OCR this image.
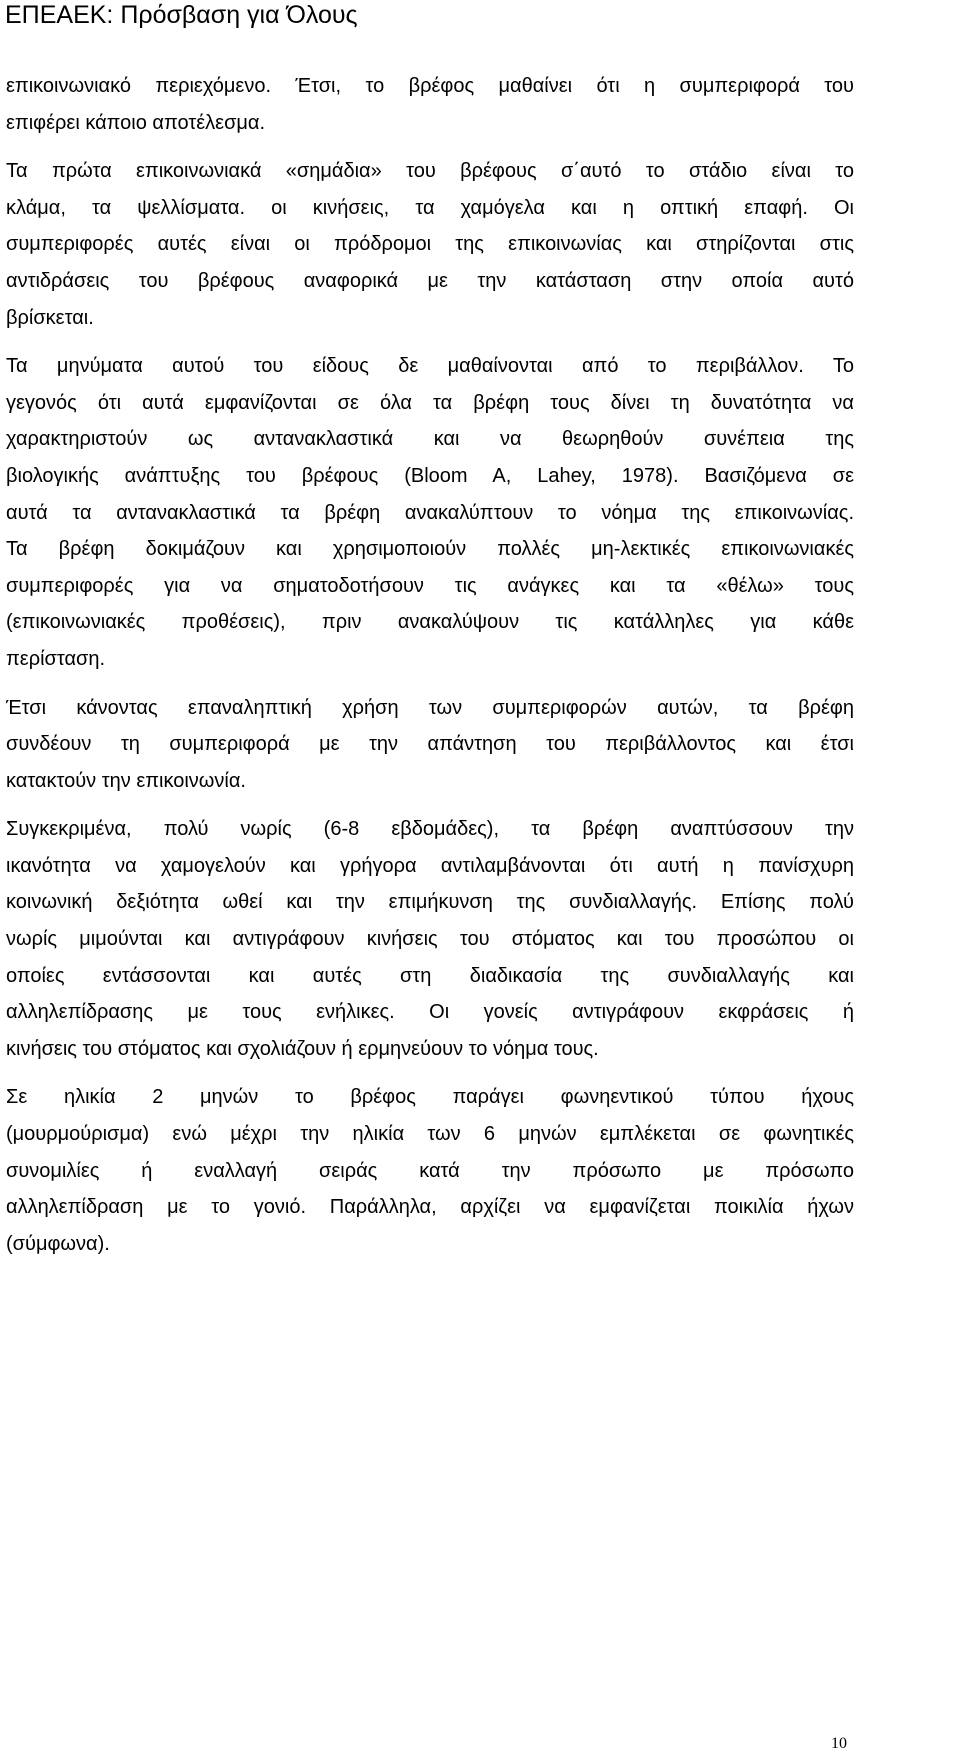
ΕΠΕΑΕΚ: Πρόσβαση για Όλους
επικοινωνιακό περιεχόμενο. Έτσι, το βρέφος μαθαίνει ότι η συμπεριφορά του
επιφέρει κάποιο αποτέλεσμα.
Τα πρώτα επικοινωνιακά «σημάδια» του βρέφους σ΄αυτό το στάδιο είναι το
κλάμα, τα ψελλίσματα. οι κινήσεις, τα χαμόγελα και η οπτική επαφή. Οι
συμπεριφορές αυτές είναι οι πρόδρομοι της επικοινωνίας και στηρίζονται στις
αντιδράσεις του βρέφους αναφορικά με την κατάσταση στην οποία αυτό
βρίσκεται.
Τα μηνύματα αυτού του είδους δε μαθαίνονται από το περιβάλλον. Το
γεγονός ότι αυτά εμφανίζονται σε όλα τα βρέφη τους δίνει τη δυνατότητα να
χαρακτηριστούν ως αντανακλαστικά και να θεωρηθούν συνέπεια της
βιολογικής ανάπτυξης του βρέφους (Bloom A, Lahey, 1978). Βασιζόμενα σε
αυτά τα αντανακλαστικά τα βρέφη ανακαλύπτουν το νόημα της επικοινωνίας.
Τα βρέφη δοκιμάζουν και χρησιμοποιούν πολλές μη-λεκτικές επικοινωνιακές
συμπεριφορές για να σηματοδοτήσουν τις ανάγκες και τα «θέλω» τους
(επικοινωνιακές προθέσεις), πριν ανακαλύψουν τις κατάλληλες για κάθε
περίσταση.
Έτσι κάνοντας επαναληπτική χρήση των συμπεριφορών αυτών, τα βρέφη
συνδέουν τη συμπεριφορά με την απάντηση του περιβάλλοντος και έτσι
κατακτούν την επικοινωνία.
Συγκεκριμένα, πολύ νωρίς (6-8 εβδομάδες), τα βρέφη αναπτύσσουν την
ικανότητα να χαμογελούν και γρήγορα αντιλαμβάνονται ότι αυτή η πανίσχυρη
κοινωνική δεξιότητα ωθεί και την επιμήκυνση της συνδιαλλαγής. Επίσης πολύ
νωρίς μιμούνται και αντιγράφουν κινήσεις του στόματος και του προσώπου οι
οποίες εντάσσονται και αυτές στη διαδικασία της συνδιαλλαγής και
αλληλεπίδρασης με τους ενήλικες. Οι γονείς αντιγράφουν εκφράσεις ή
κινήσεις του στόματος και σχολιάζουν ή ερμηνεύουν το νόημα τους.
Σε ηλικία 2 μηνών το βρέφος παράγει φωνηεντικού τύπου ήχους
(μουρμούρισμα) ενώ μέχρι την ηλικία των 6 μηνών εμπλέκεται σε φωνητικές
συνομιλίες ή εναλλαγή σειράς κατά την πρόσωπο με πρόσωπο
αλληλεπίδραση με το γονιό. Παράλληλα, αρχίζει να εμφανίζεται ποικιλία ήχων
(σύμφωνα).
10
